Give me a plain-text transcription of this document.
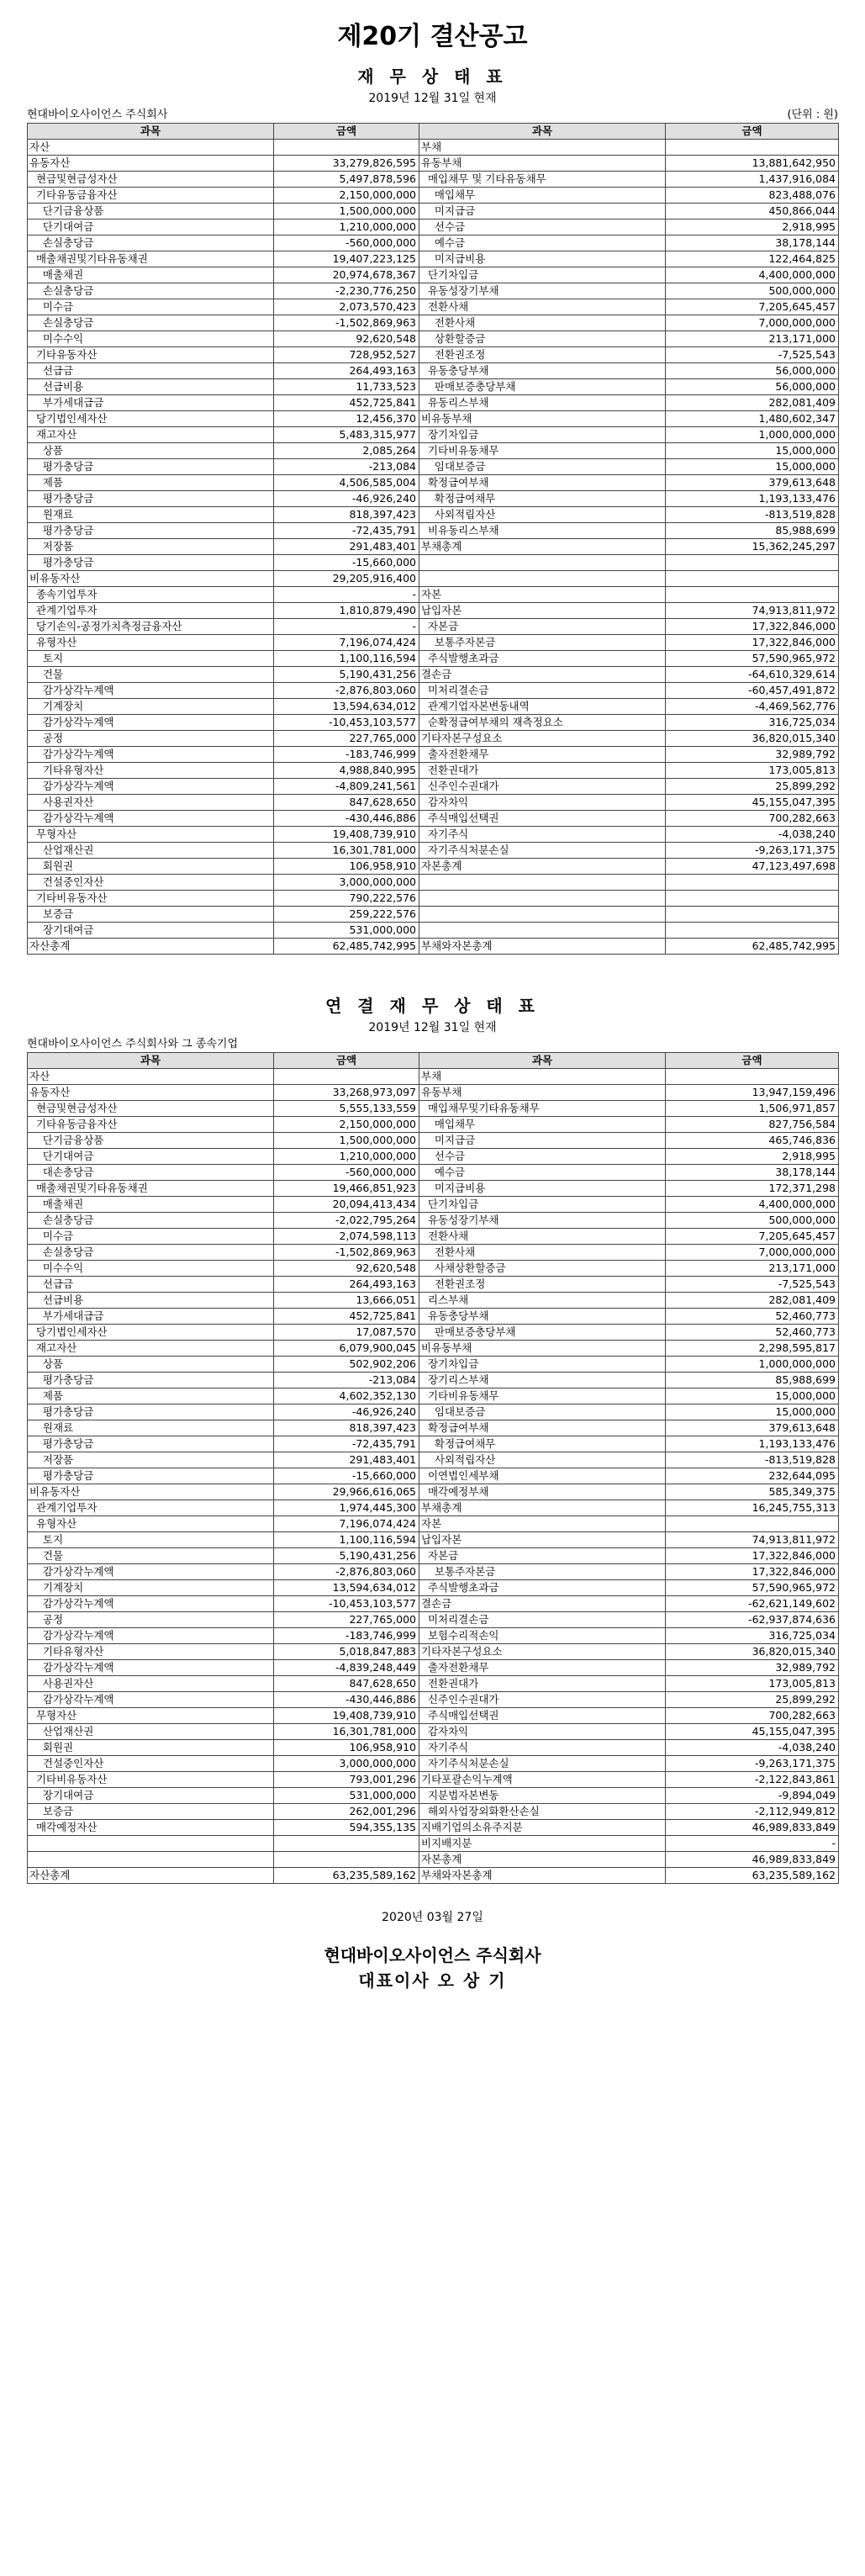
제20기 결산공고
재 무 상 태 표
2019년 12월 31일 현재
현대바이오사이언스 주식회사	(단위 : 원)
과목	금액	과목	금액
자산		부채	
유동자산	33,279,826,595	유동부채	13,881,642,950
현금및현금성자산	5,497,878,596	매입채무 및 기타유동채무	1,437,916,084
기타유동금융자산	2,150,000,000	매입채무	823,488,076
단기금융상품	1,500,000,000	미지급금	450,866,044
단기대여금	1,210,000,000	선수금	2,918,995
손실충당금	-560,000,000	예수금	38,178,144
매출채권및기타유동채권	19,407,223,125	미지급비용	122,464,825
매출채권	20,974,678,367	단기차입금	4,400,000,000
손실충당금	-2,230,776,250	유동성장기부채	500,000,000
미수금	2,073,570,423	전환사채	7,205,645,457
손실충당금	-1,502,869,963	전환사채	7,000,000,000
미수수익	92,620,548	상환할증금	213,171,000
기타유동자산	728,952,527	전환권조정	-7,525,543
선급금	264,493,163	유동충당부채	56,000,000
선급비용	11,733,523	판매보증충당부채	56,000,000
부가세대급금	452,725,841	유동리스부채	282,081,409
당기법인세자산	12,456,370	비유동부채	1,480,602,347
재고자산	5,483,315,977	장기차입금	1,000,000,000
상품	2,085,264	기타비유동채무	15,000,000
평가충당금	-213,084	임대보증금	15,000,000
제품	4,506,585,004	확정급여부채	379,613,648
평가충당금	-46,926,240	확정급여채무	1,193,133,476
원재료	818,397,423	사외적립자산	-813,519,828
평가충당금	-72,435,791	비유동리스부채	85,988,699
저장품	291,483,401	부채총계	15,362,245,297
평가충당금	-15,660,000		
비유동자산	29,205,916,400		
종속기업투자	-	자본	
관계기업투자	1,810,879,490	납입자본	74,913,811,972
당기손익-공정가치측정금융자산	-	자본금	17,322,846,000
유형자산	7,196,074,424	보통주자본금	17,322,846,000
토지	1,100,116,594	주식발행초과금	57,590,965,972
건물	5,190,431,256	결손금	-64,610,329,614
감가상각누계액	-2,876,803,060	미처리결손금	-60,457,491,872
기계장치	13,594,634,012	관계기업자본변동내역	-4,469,562,776
감가상각누계액	-10,453,103,577	순확정급여부채의 재측정요소	316,725,034
공정	227,765,000	기타자본구성요소	36,820,015,340
감가상각누계액	-183,746,999	출자전환채무	32,989,792
기타유형자산	4,988,840,995	전환권대가	173,005,813
감가상각누계액	-4,809,241,561	신주인수권대가	25,899,292
사용권자산	847,628,650	감자차익	45,155,047,395
감가상각누계액	-430,446,886	주식매입선택권	700,282,663
무형자산	19,408,739,910	자기주식	-4,038,240
산업재산권	16,301,781,000	자기주식처분손실	-9,263,171,375
회원권	106,958,910	자본총계	47,123,497,698
건설중인자산	3,000,000,000		
기타비유동자산	790,222,576		
보증금	259,222,576		
장기대여금	531,000,000		
자산총계	62,485,742,995	부채와자본총계	62,485,742,995
연 결 재 무 상 태 표
2019년 12월 31일 현재
현대바이오사이언스 주식회사와 그 종속기업
과목	금액	과목	금액
자산		부채	
유동자산	33,268,973,097	유동부채	13,947,159,496
현금및현금성자산	5,555,133,559	매입채무및기타유동채무	1,506,971,857
기타유동금융자산	2,150,000,000	매입채무	827,756,584
단기금융상품	1,500,000,000	미지급금	465,746,836
단기대여금	1,210,000,000	선수금	2,918,995
대손충당금	-560,000,000	예수금	38,178,144
매출채권및기타유동채권	19,466,851,923	미지급비용	172,371,298
매출채권	20,094,413,434	단기차입금	4,400,000,000
손실충당금	-2,022,795,264	유동성장기부채	500,000,000
미수금	2,074,598,113	전환사채	7,205,645,457
손실충당금	-1,502,869,963	전환사채	7,000,000,000
미수수익	92,620,548	사채상환할증금	213,171,000
선급금	264,493,163	전환권조정	-7,525,543
선급비용	13,666,051	리스부채	282,081,409
부가세대급금	452,725,841	유동충당부채	52,460,773
당기법인세자산	17,087,570	판매보증충당부채	52,460,773
재고자산	6,079,900,045	비유동부채	2,298,595,817
상품	502,902,206	장기차입금	1,000,000,000
평가충당금	-213,084	장기리스부채	85,988,699
제품	4,602,352,130	기타비유동채무	15,000,000
평가충당금	-46,926,240	임대보증금	15,000,000
원재료	818,397,423	확정급여부채	379,613,648
평가충당금	-72,435,791	확정급여채무	1,193,133,476
저장품	291,483,401	사외적립자산	-813,519,828
평가충당금	-15,660,000	이연법인세부채	232,644,095
비유동자산	29,966,616,065	매각예정부채	585,349,375
관계기업투자	1,974,445,300	부채총계	16,245,755,313
유형자산	7,196,074,424	자본	
토지	1,100,116,594	납입자본	74,913,811,972
건물	5,190,431,256	자본금	17,322,846,000
감가상각누계액	-2,876,803,060	보통주자본금	17,322,846,000
기계장치	13,594,634,012	주식발행초과금	57,590,965,972
감가상각누계액	-10,453,103,577	결손금	-62,621,149,602
공정	227,765,000	미처리결손금	-62,937,874,636
감가상각누계액	-183,746,999	보험수리적손익	316,725,034
기타유형자산	5,018,847,883	기타자본구성요소	36,820,015,340
감가상각누계액	-4,839,248,449	출자전환채무	32,989,792
사용권자산	847,628,650	전환권대가	173,005,813
감가상각누계액	-430,446,886	신주인수권대가	25,899,292
무형자산	19,408,739,910	주식매입선택권	700,282,663
산업재산권	16,301,781,000	감자차익	45,155,047,395
회원권	106,958,910	자기주식	-4,038,240
건설중인자산	3,000,000,000	자기주식처분손실	-9,263,171,375
기타비유동자산	793,001,296	기타포괄손익누계액	-2,122,843,861
장기대여금	531,000,000	지분법자본변동	-9,894,049
보증금	262,001,296	해외사업장외화환산손실	-2,112,949,812
매각예정자산	594,355,135	지배기업의소유주지분	46,989,833,849
		비지배지분	-
		자본총계	46,989,833,849
자산총계	63,235,589,162	부채와자본총계	63,235,589,162
2020년 03월 27일
현대바이오사이언스 주식회사
대표이사 오 상 기
